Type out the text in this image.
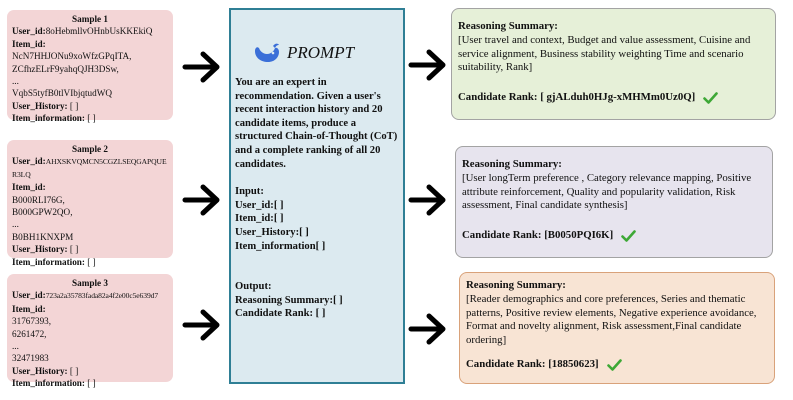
Sample 1
User_id:8oHebmllvOHnbUsKKEkiQ
Item_id:
NcN7HHJONu9xoWfzGPqITA,
ZCfhzELrF9yahqQJH3DSw,
...
VqbS5tyfB0tlVIbjqtudWQ
User_History: [ ]
Item_information: [ ]
Sample 2
User_id:AHXSKVQMCN5CGZLSEQGAPQUE
R3LQ
Item_id:
B000RLI76G,
B000GPW2QO,
...
B0BH1KNXPM
User_History: [ ]
Item_information: [ ]
Sample 3
User_id:723a2a35783fada82a4f2e00c5e639d7
Item_id:
31767393,
6261472,
...
32471983
User_History: [ ]
Item_information: [ ]
PROMPT
You are an expert in recommendation. Given a user's recent interaction history and 20 candidate items, produce a structured Chain-of-Thought (CoT) and a complete ranking of all 20 candidates.
Input:
User_id:[ ]
Item_id:[ ]
User_History:[ ]
Item_information[ ]
Output:
Reasoning Summary:[ ]
Candidate Rank: [ ]
Reasoning Summary:
[User travel and context, Budget and value assessment, Cuisine and service alignment, Business stability weighting Time and scenario suitability, Rank]
Candidate Rank:
[ gjALduh0HJg-xMHMm0Uz0Q]
Reasoning Summary:
[User longTerm preference , Category relevance mapping, Positive attribute reinforcement, Quality and popularity validation, Risk assessment, Final candidate synthesis]
Candidate Rank:
[B0050PQI6K]
Reasoning Summary:
[Reader demographics and core preferences, Series and thematic patterns, Positive review elements, Negative experience avoidance, Format and novelty alignment, Risk assessment,Final candidate ordering]
Candidate Rank:
[18850623]
